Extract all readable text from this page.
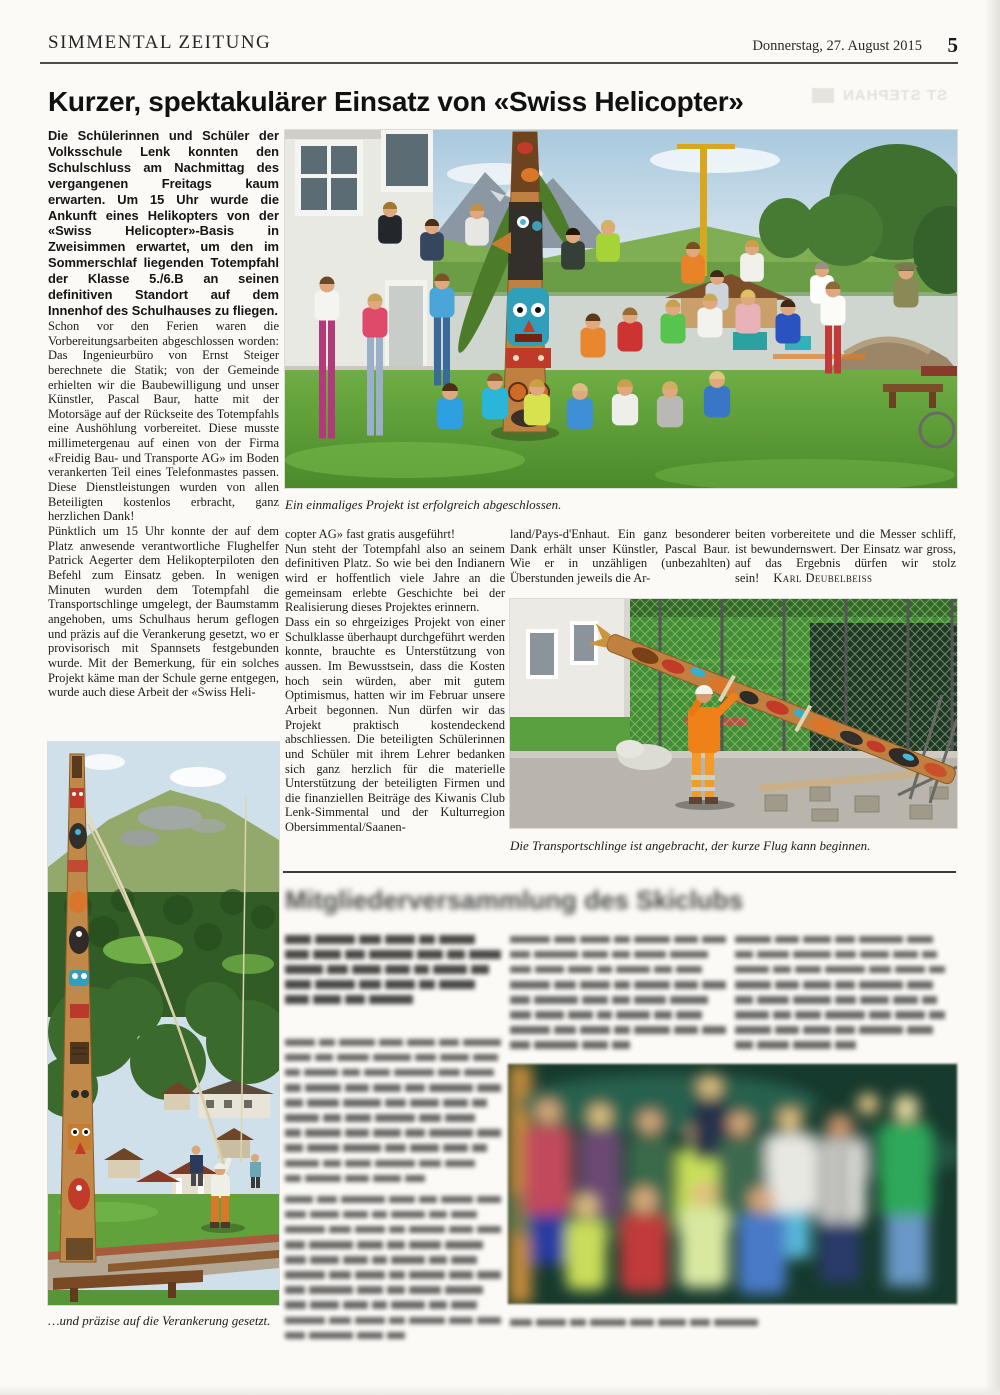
SIMMENTAL ZEITUNG	Donnerstag, 27. August 2015 5
ST STEPHAN
Kurzer, spektakulärer Einsatz von «Swiss Helicopter»

Die Schülerinnen und Schüler der Volksschule Lenk konnten den Schulschluss am Nachmittag des vergangenen Freitags kaum erwarten. Um 15 Uhr wurde die Ankunft eines Helikopters von der «Swiss Helicopter»-Basis in Zweisimmen erwartet, um den im Sommerschlaf liegenden Totempfahl der Klasse 5./6.B an seinen definitiven Standort auf dem Innenhof des Schulhauses zu fliegen.

Schon vor den Ferien waren die Vorbereitungsarbeiten abgeschlossen worden: Das Ingenieurbüro von Ernst Steiger berechnete die Statik; von der Gemeinde erhielten wir die Baubewilligung und unser Künstler, Pascal Baur, hatte mit der Motorsäge auf der Rückseite des Totempfahls eine Aushöhlung vorbereitet. Diese musste millimetergenau auf einen von der Firma «Freidig Bau- und Transporte AG» im Boden verankerten Teil eines Telefonmastes passen. Diese Dienstleistungen wurden von allen Beteiligten kostenlos erbracht, ganz herzlichen Dank!

Pünktlich um 15 Uhr konnte der auf dem Platz anwesende verantwortliche Flughelfer Patrick Aegerter dem Helikopterpiloten den Befehl zum Einsatz geben. In wenigen Minuten wurden dem Totempfahl die Transportschlinge umgelegt, der Baumstamm angehoben, ums Schulhaus herum geflogen und präzis auf die Verankerung gesetzt, wo er provisorisch mit Spannsets festgebunden wurde. Mit der Bemerkung, für ein solches Projekt käme man der Schule gerne entgegen, wurde auch diese Arbeit der «Swiss Heli-

Ein einmaliges Projekt ist erfolgreich abgeschlossen.

copter AG» fast gratis ausgeführt!

Nun steht der Totempfahl also an seinem definitiven Platz. So wie bei den Indianern wird er hoffentlich viele Jahre an die gemeinsam erlebte Geschichte bei der Realisierung dieses Projektes erinnern.

Dass ein so ehrgeiziges Projekt von einer Schulklasse überhaupt durchgeführt werden konnte, brauchte es Unterstützung von aussen. Im Bewusstsein, dass die Kosten hoch sein würden, aber mit gutem Optimismus, hatten wir im Februar unsere Arbeit begonnen. Nun dürfen wir das Projekt praktisch kostendeckend abschliessen. Die beteiligten Schülerinnen und Schüler mit ihrem Lehrer bedanken sich ganz herzlich für die materielle Unterstützung der beteiligten Firmen und die finanziellen Beiträge des Kiwanis Club Lenk-Simmental und der Kulturregion Obersimmental/Saanen-

land/Pays-d'Enhaut. Ein ganz besonderer Dank erhält unser Künstler, Pascal Baur. Wie er in unzähligen (unbezahlten) Überstunden jeweils die Ar-

beiten vorbereitete und die Messer schliff, ist bewundernswert. Der Einsatz war gross, auf das Ergebnis dürfen wir stolz sein! Karl Deubelbeiss

Die Transportschlinge ist angebracht, der kurze Flug kann beginnen.
…und präzise auf die Verankerung gesetzt.
Mitgliederversammlung des Skiclubs
